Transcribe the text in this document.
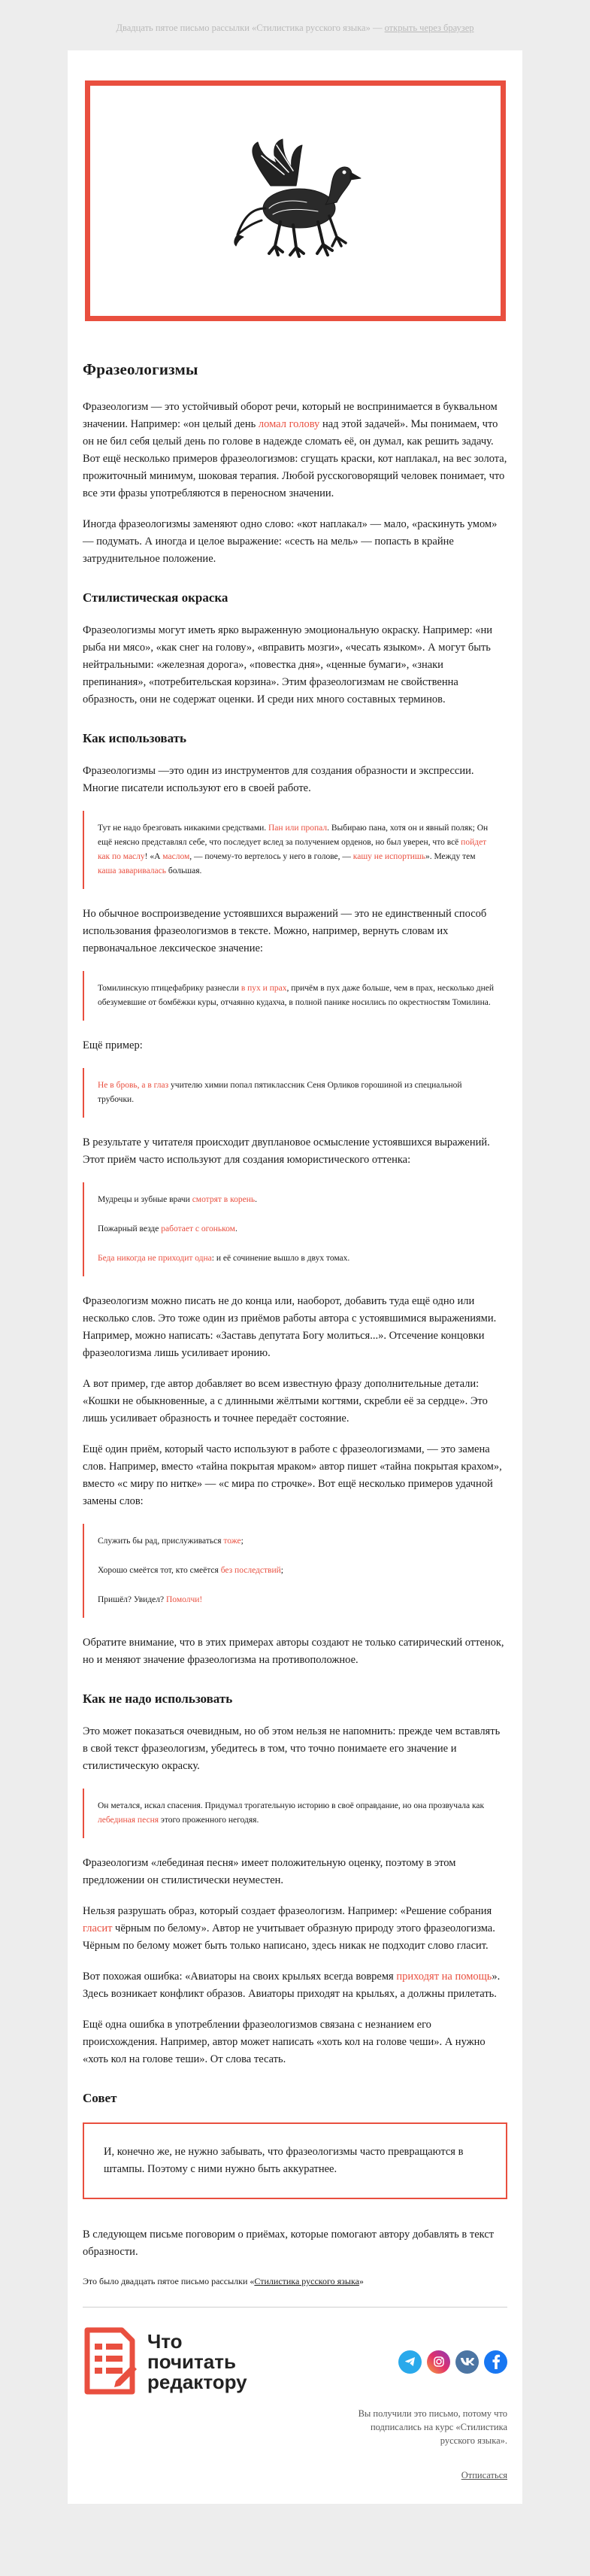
Двадцать пятое письмо рассылки «Стилистика русского языка» — открыть через браузер
Фразеологизмы

Фразеологизм — это устойчивый оборот речи, который не воспринимается в буквальном значении. Например: «он целый день ломал голову над этой задачей». Мы понимаем, что он не бил себя целый день по голове в надежде сломать её, он думал, как решить задачу. Вот ещё несколько примеров фразеологизмов: сгущать краски, кот наплакал, на вес золота, прожиточный минимум, шоковая терапия. Любой русскоговорящий человек понимает, что все эти фразы употребляются в переносном значении.

Иногда фразеологизмы заменяют одно слово: «кот наплакал» — мало, «раскинуть умом» — подумать. А иногда и целое выражение: «сесть на мель» — попасть в крайне затруднительное положение.

Стилистическая окраска

Фразеологизмы могут иметь ярко выраженную эмоциональную окраску. Например: «ни рыба ни мясо», «как снег на голову», «вправить мозги», «чесать языком». А могут быть нейтральными: «железная дорога», «повестка дня», «ценные бумаги», «знаки препинания», «потребительская корзина». Этим фразеологизмам не свойственна образность, они не содержат оценки. И среди них много составных терминов.

Как использовать

Фразеологизмы —это один из инструментов для создания образности и экспрессии. Многие писатели используют его в своей работе.

Тут не надо брезговать никакими средствами. Пан или пропал. Выбираю пана, хотя он и явный поляк; Он ещё неясно представлял себе, что последует вслед за получением орденов, но был уверен, что всё пойдет как по маслу! «А маслом, — почему-то вертелось у него в голове, — кашу не испортишь». Между тем каша заваривалась большая.

Но обычное воспроизведение устоявшихся выражений — это не единственный способ использования фразеологизмов в тексте. Можно, например, вернуть словам их первоначальное лексическое значение:

Томилинскую птицефабрику разнесли в пух и прах, причём в пух даже больше, чем в прах, несколько дней обезумевшие от бомбёжки куры, отчаянно кудахча, в полной панике носились по окрестностям Томилина.

Ещё пример:

Не в бровь, а в глаз учителю химии попал пятиклассник Сеня Орликов горошиной из специальной трубочки.

В результате у читателя происходит двуплановое осмысление устоявшихся выражений. Этот приём часто используют для создания юмористического оттенка:

Мудрецы и зубные врачи смотрят в корень.

Пожарный везде работает с огоньком.

Беда никогда не приходит одна: и её сочинение вышло в двух томах.

Фразеологизм можно писать не до конца или, наоборот, добавить туда ещё одно или несколько слов. Это тоже один из приёмов работы автора с устоявшимися выражениями. Например, можно написать: «Заставь депутата Богу молиться...». Отсечение концовки фразеологизма лишь усиливает иронию.

А вот пример, где автор добавляет во всем известную фразу дополнительные детали: «Кошки не обыкновенные, а с длинными жёлтыми когтями, скребли её за сердце». Это лишь усиливает образность и точнее передаёт состояние.

Ещё один приём, который часто используют в работе с фразеологизмами, — это замена слов. Например, вместо «тайна покрытая мраком» автор пишет «тайна покрытая крахом», вместо «с миру по нитке» — «с мира по строчке». Вот ещё несколько примеров удачной замены слов:

Служить бы рад, прислуживаться тоже;

Хорошо смеётся тот, кто смеётся без последствий;

Пришёл? Увидел? Помолчи!

Обратите внимание, что в этих примерах авторы создают не только сатирический оттенок, но и меняют значение фразеологизма на противоположное.

Как не надо использовать

Это может показаться очевидным, но об этом нельзя не напомнить: прежде чем вставлять в свой текст фразеологизм, убедитесь в том, что точно понимаете его значение и стилистическую окраску.

Он метался, искал спасения. Придумал трогательную историю в своё оправдание, но она прозвучала как лебединая песня этого проженного негодяя.

Фразеологизм «лебединая песня» имеет положительную оценку, поэтому в этом предложении он стилистически неуместен.

Нельзя разрушать образ, который создает фразеологизм. Например: «Решение собрания гласит чёрным по белому». Автор не учитывает образную природу этого фразеологизма. Чёрным по белому может быть только написано, здесь никак не подходит слово гласит.

Вот похожая ошибка: «Авиаторы на своих крыльях всегда вовремя приходят на помощь». Здесь возникает конфликт образов. Авиаторы приходят на крыльях, а должны прилетать.

Ещё одна ошибка в употреблении фразеологизмов связана с незнанием его происхождения. Например, автор может написать «хоть кол на голове чеши». А нужно «хоть кол на голове теши». От слова тесать.

Совет

И, конечно же, не нужно забывать, что фразеологизмы часто превращаются в штампы. Поэтому с ними нужно быть аккуратнее.

В следующем письме поговорим о приёмах, которые помогают автору добавлять в текст образности.

Это было двадцать пятое письмо рассылки «Стилистика русского языка»

Что
почитать
редактору
Вы получили это письмо, потому что подписались на курс «Стилистика русского языка».
Отписаться
